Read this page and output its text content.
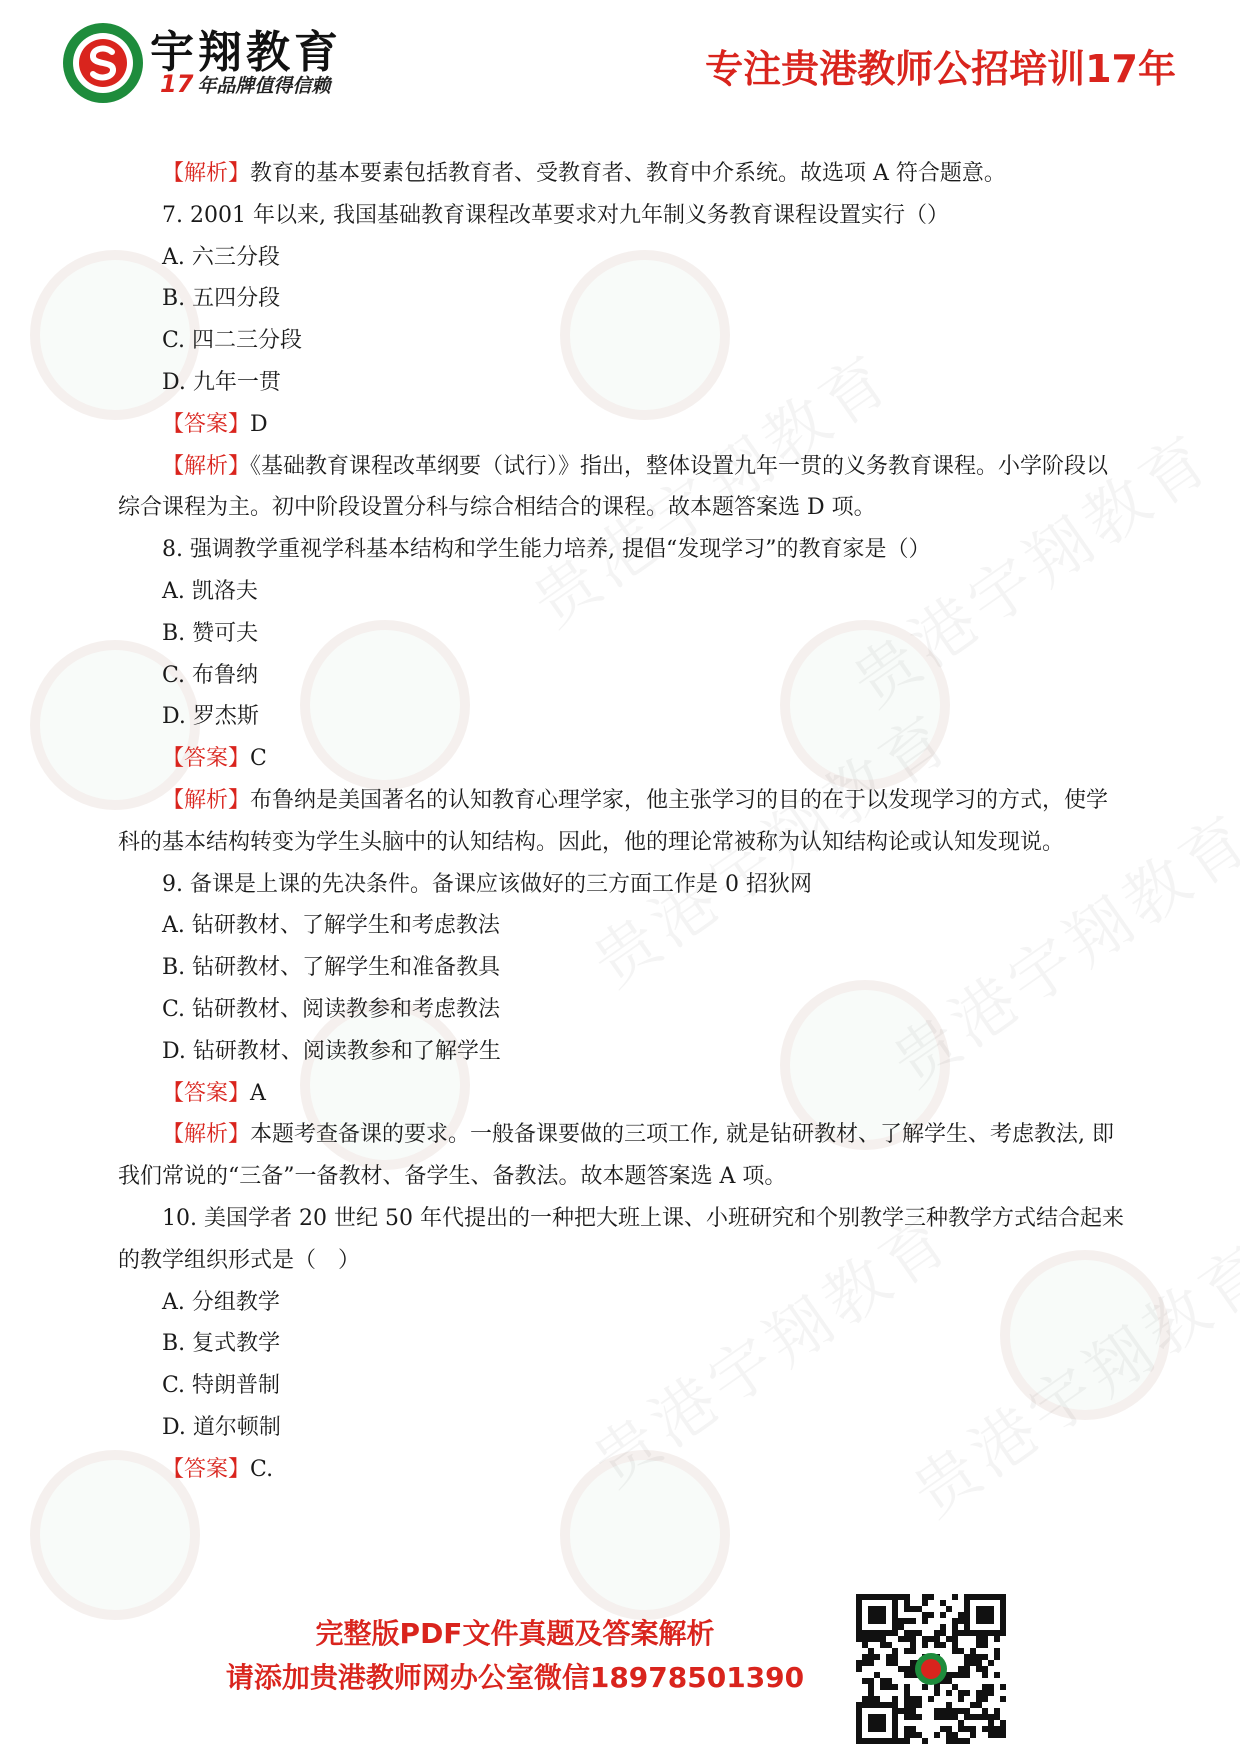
宇翔教育
17 年品牌值得信赖	专注贵港教师公招培训17年
【解析】教育的基本要素包括教育者、受教育者、教育中介系统。故选项 A 符合题意。
7. 2001 年以来, 我国基础教育课程改革要求对九年制义务教育课程设置实行（）
A. 六三分段
B. 五四分段
C. 四二三分段
D. 九年一贯
【答案】D
【解析】《基础教育课程改革纲要（试行）》指出，整体设置九年一贯的义务教育课程。小学阶段以综合课程为主。初中阶段设置分科与综合相结合的课程。故本题答案选 D 项。
8. 强调教学重视学科基本结构和学生能力培养, 提倡“发现学习”的教育家是（）
A. 凯洛夫
B. 赞可夫
C. 布鲁纳
D. 罗杰斯
【答案】C
【解析】布鲁纳是美国著名的认知教育心理学家，他主张学习的目的在于以发现学习的方式，使学科的基本结构转变为学生头脑中的认知结构。因此，他的理论常被称为认知结构论或认知发现说。
9. 备课是上课的先决条件。备课应该做好的三方面工作是 0 招狄网
A. 钻研教材、了解学生和考虑教法
B. 钻研教材、了解学生和准备教具
C. 钻研教材、阅读教参和考虑教法
D. 钻研教材、阅读教参和了解学生
【答案】A
【解析】本题考查备课的要求。一般备课要做的三项工作, 就是钻研教材、了解学生、考虑教法, 即我们常说的“三备”一备教材、备学生、备教法。故本题答案选 A 项。
10. 美国学者 20 世纪 50 年代提出的一种把大班上课、小班研究和个别教学三种教学方式结合起来的教学组织形式是（　）
A. 分组教学
B. 复式教学
C. 特朗普制
D. 道尔顿制
【答案】C.
完整版PDF文件真题及答案解析
请添加贵港教师网办公室微信18978501390
